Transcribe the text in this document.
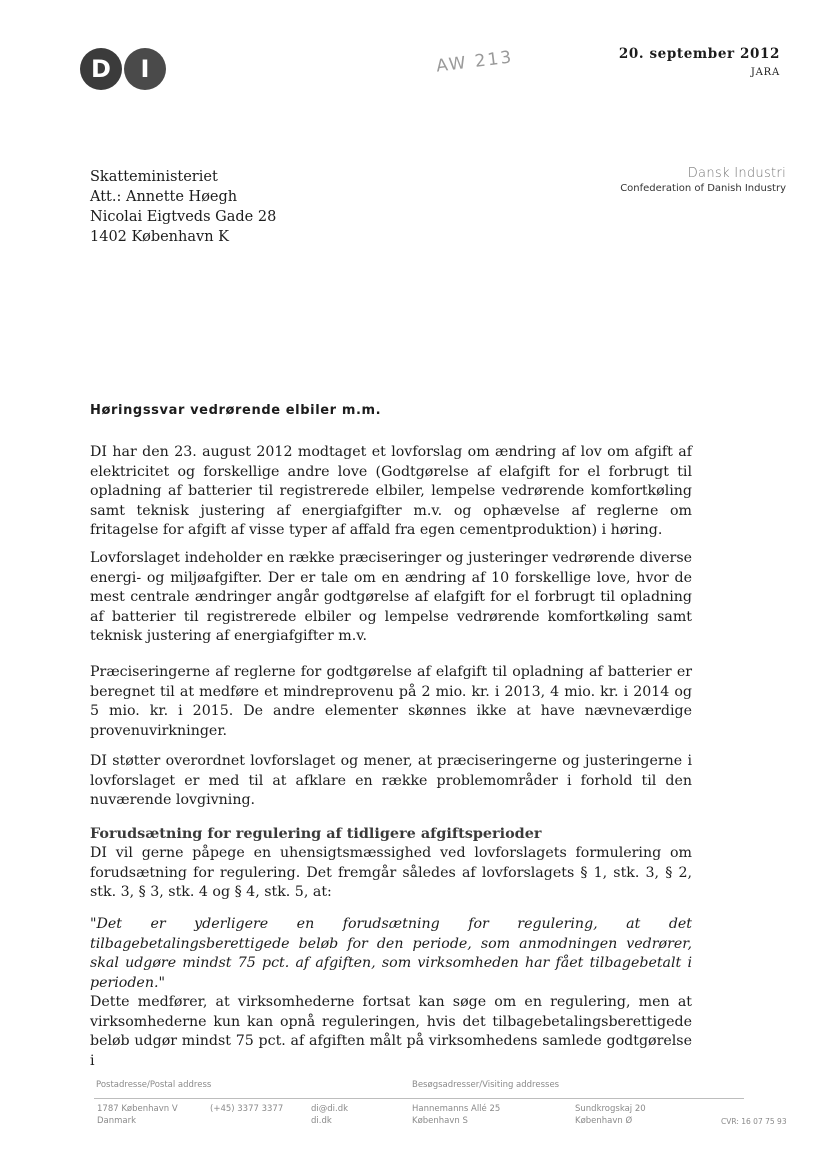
D	I	AW 213	20. september 2012
JARA
Dansk Industri
Confederation of Danish Industry
Skatteministeriet
Att.: Annette Høegh
Nicolai Eigtveds Gade 28
1402 København K
Høringssvar vedrørende elbiler m.m.
DI har den 23. august 2012 modtaget et lovforslag om ændring af lov om afgift af elektricitet og forskellige andre love (Godtgørelse af elafgift for el forbrugt til opladning af batterier til registrerede elbiler, lempelse vedrørende komfortkøling samt teknisk justering af energiafgifter m.v. og ophævelse af reglerne om fritagelse for afgift af visse typer af affald fra egen cementproduktion) i høring.
Lovforslaget indeholder en række præciseringer og justeringer vedrørende diverse energi- og miljøafgifter. Der er tale om en ændring af 10 forskellige love, hvor de mest centrale ændringer angår godtgørelse af elafgift for el forbrugt til opladning af batterier til registrerede elbiler og lempelse vedrørende komfortkøling samt teknisk justering af energiafgifter m.v.
Præciseringerne af reglerne for godtgørelse af elafgift til opladning af batterier er beregnet til at medføre et mindreprovenu på 2 mio. kr. i 2013, 4 mio. kr. i 2014 og 5 mio. kr. i 2015. De andre elementer skønnes ikke at have nævneværdige provenuvirkninger.
DI støtter overordnet lovforslaget og mener, at præciseringerne og justeringerne i lovforslaget er med til at afklare en række problemområder i forhold til den nuværende lovgivning.
Forudsætning for regulering af tidligere afgiftsperioder
DI vil gerne påpege en uhensigtsmæssighed ved lovforslagets formulering om forudsætning for regulering. Det fremgår således af lovforslagets § 1, stk. 3, § 2, stk. 3, § 3, stk. 4 og § 4, stk. 5, at:
"Det er yderligere en forudsætning for regulering, at det tilbagebetalingsberettigede beløb for den periode, som anmodningen vedrører, skal udgøre mindst 75 pct. af afgiften, som virksomheden har fået tilbagebetalt i perioden."
Dette medfører, at virksomhederne fortsat kan søge om en regulering, men at virksomhederne kun kan opnå reguleringen, hvis det tilbagebetalingsberettigede beløb udgør mindst 75 pct. af afgiften målt på virksomhedens samlede godtgørelse i
Postadresse/Postal address	Besøgsadresser/Visiting addresses
1787 København V
Danmark
(+45) 3377 3377	di@di.dk
di.dk
Hannemanns Allé 25
København S
Sundkrogskaj 20
København Ø	CVR: 16 07 75 93
